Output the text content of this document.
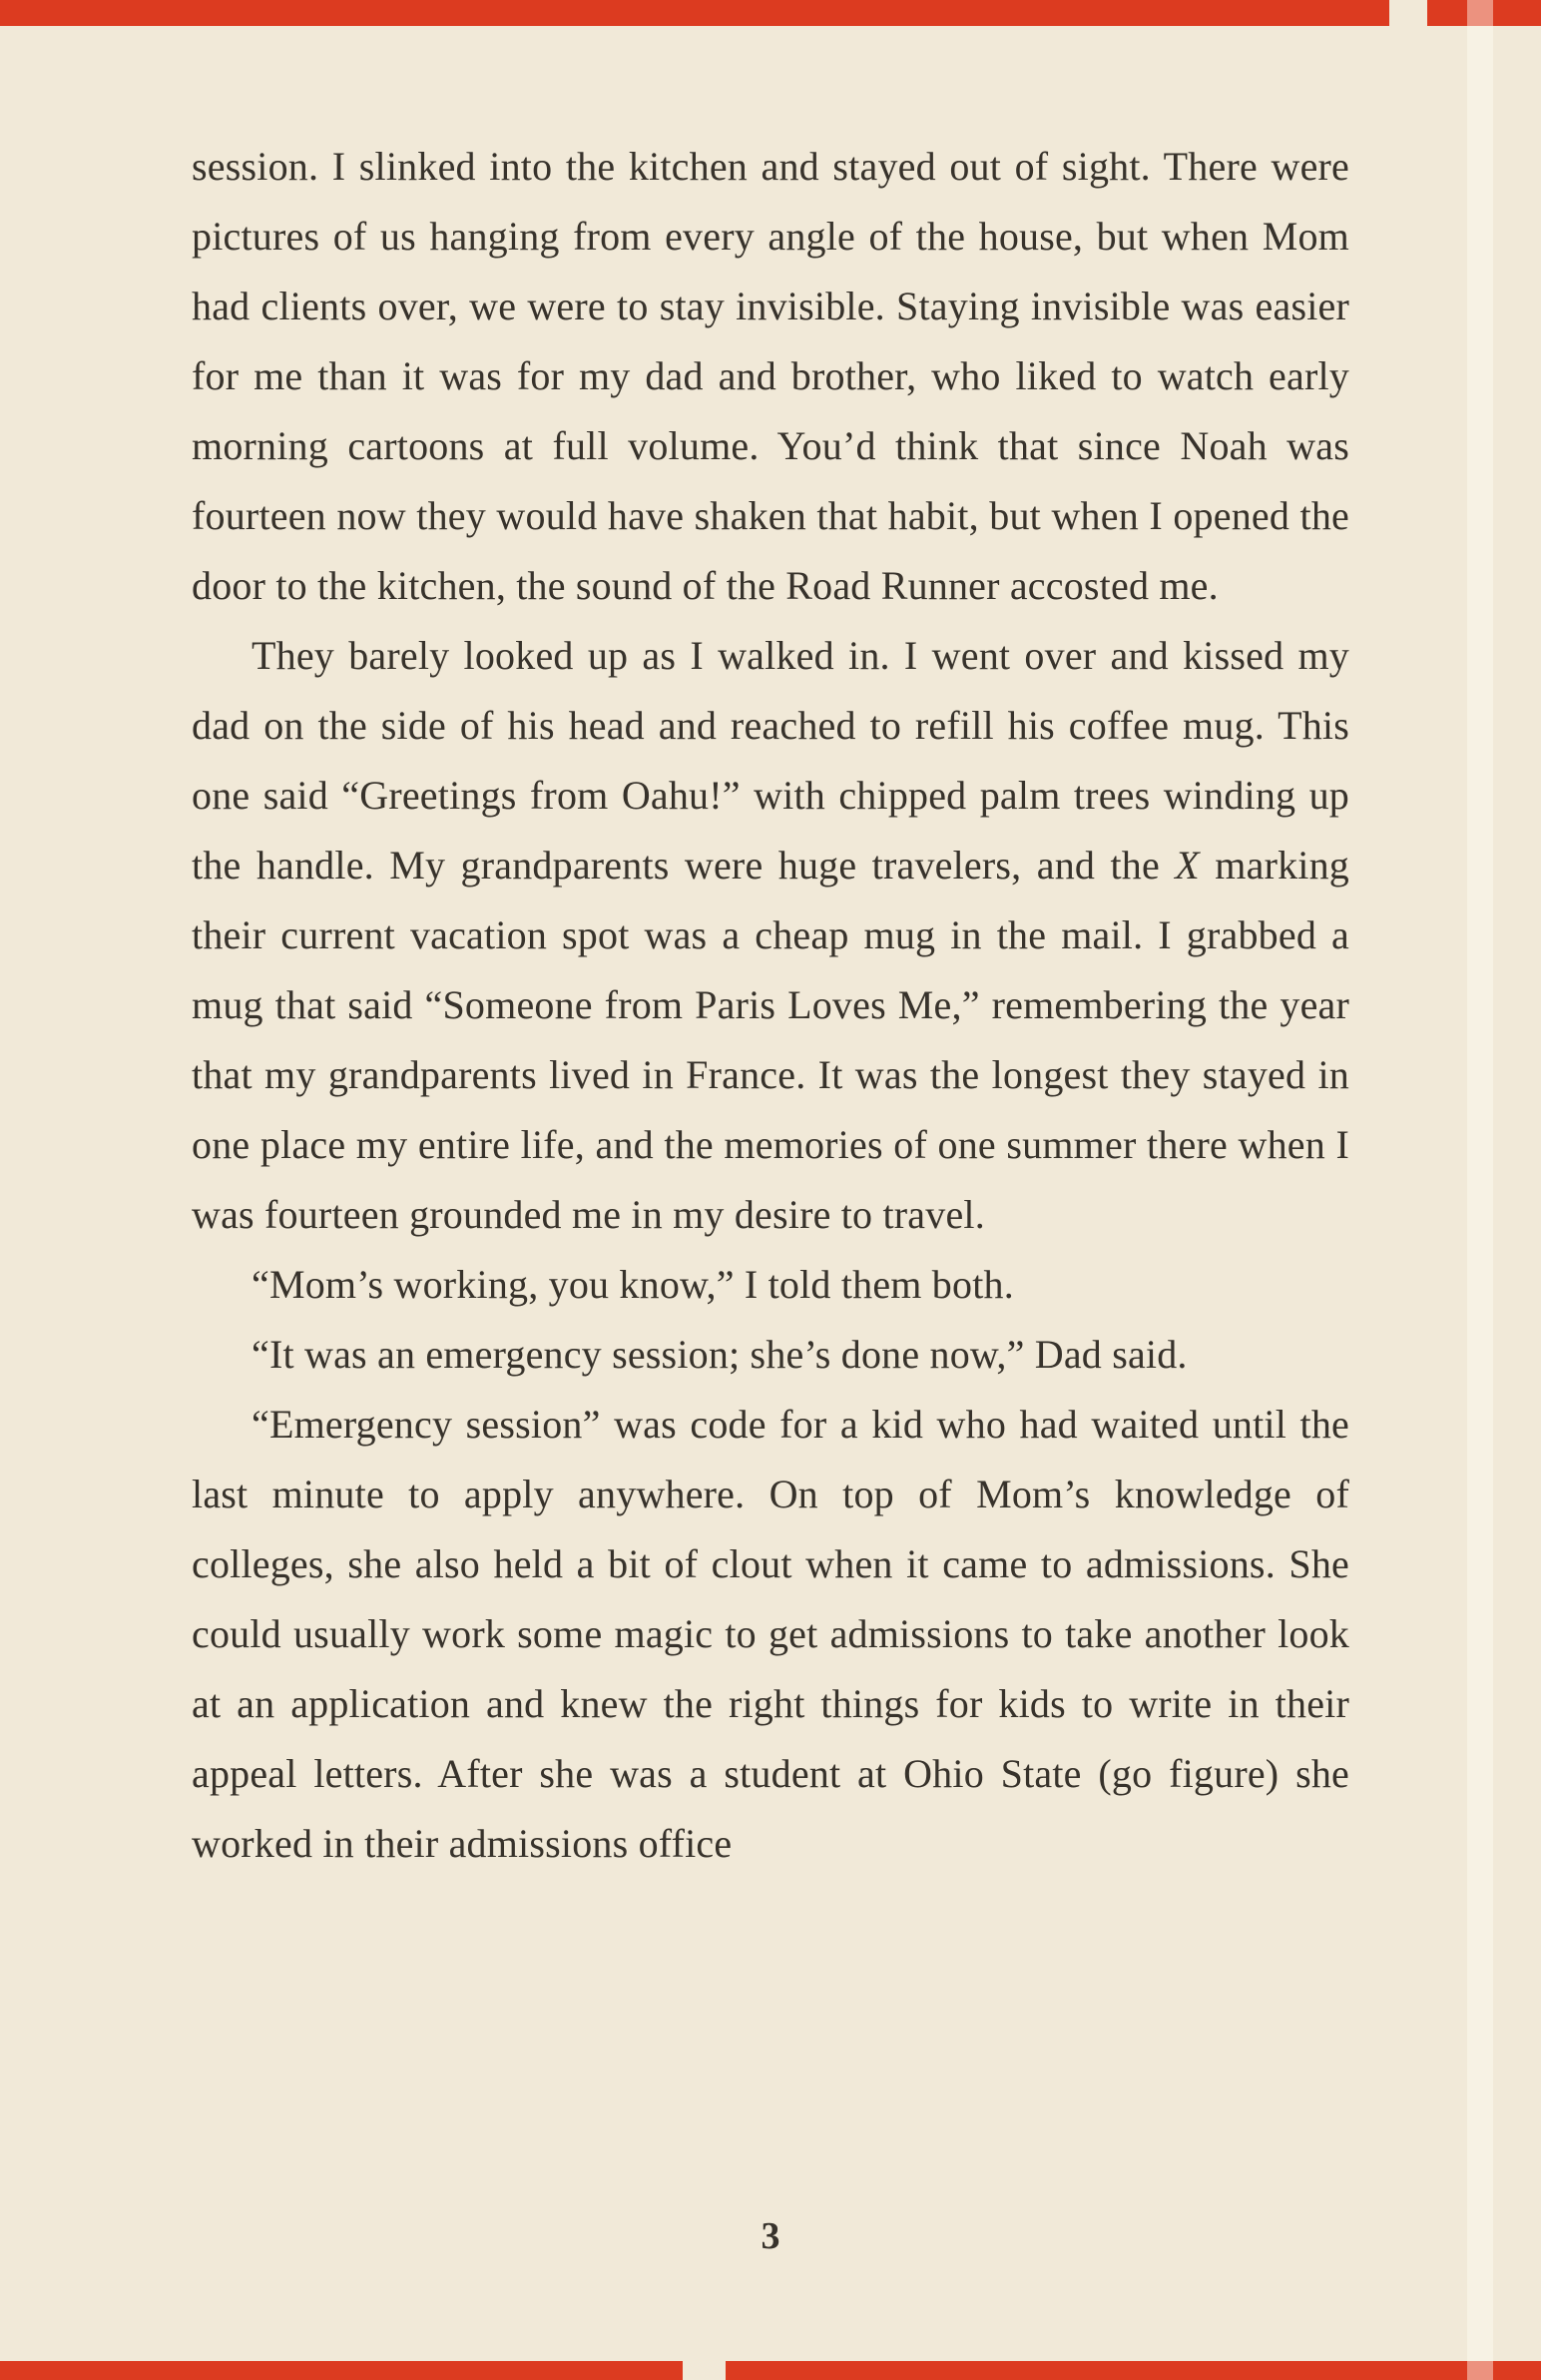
session. I slinked into the kitchen and stayed out of sight. There were pictures of us hanging from every angle of the house, but when Mom had clients over, we were to stay invisible. Staying invisible was easier for me than it was for my dad and brother, who liked to watch early morning cartoons at full volume. You’d think that since Noah was fourteen now they would have shaken that habit, but when I opened the door to the kitchen, the sound of the Road Runner accosted me.

They barely looked up as I walked in. I went over and kissed my dad on the side of his head and reached to refill his coffee mug. This one said “Greetings from Oahu!” with chipped palm trees winding up the handle. My grandparents were huge travelers, and the X marking their current vacation spot was a cheap mug in the mail. I grabbed a mug that said “Someone from Paris Loves Me,” remembering the year that my grandparents lived in France. It was the longest they stayed in one place my entire life, and the memories of one summer there when I was fourteen grounded me in my desire to travel.

“Mom’s working, you know,” I told them both.

“It was an emergency session; she’s done now,” Dad said.

“Emergency session” was code for a kid who had waited until the last minute to apply anywhere. On top of Mom’s knowledge of colleges, she also held a bit of clout when it came to admissions. She could usually work some magic to get admissions to take another look at an application and knew the right things for kids to write in their appeal letters. After she was a student at Ohio State (go figure) she worked in their admissions office

3
